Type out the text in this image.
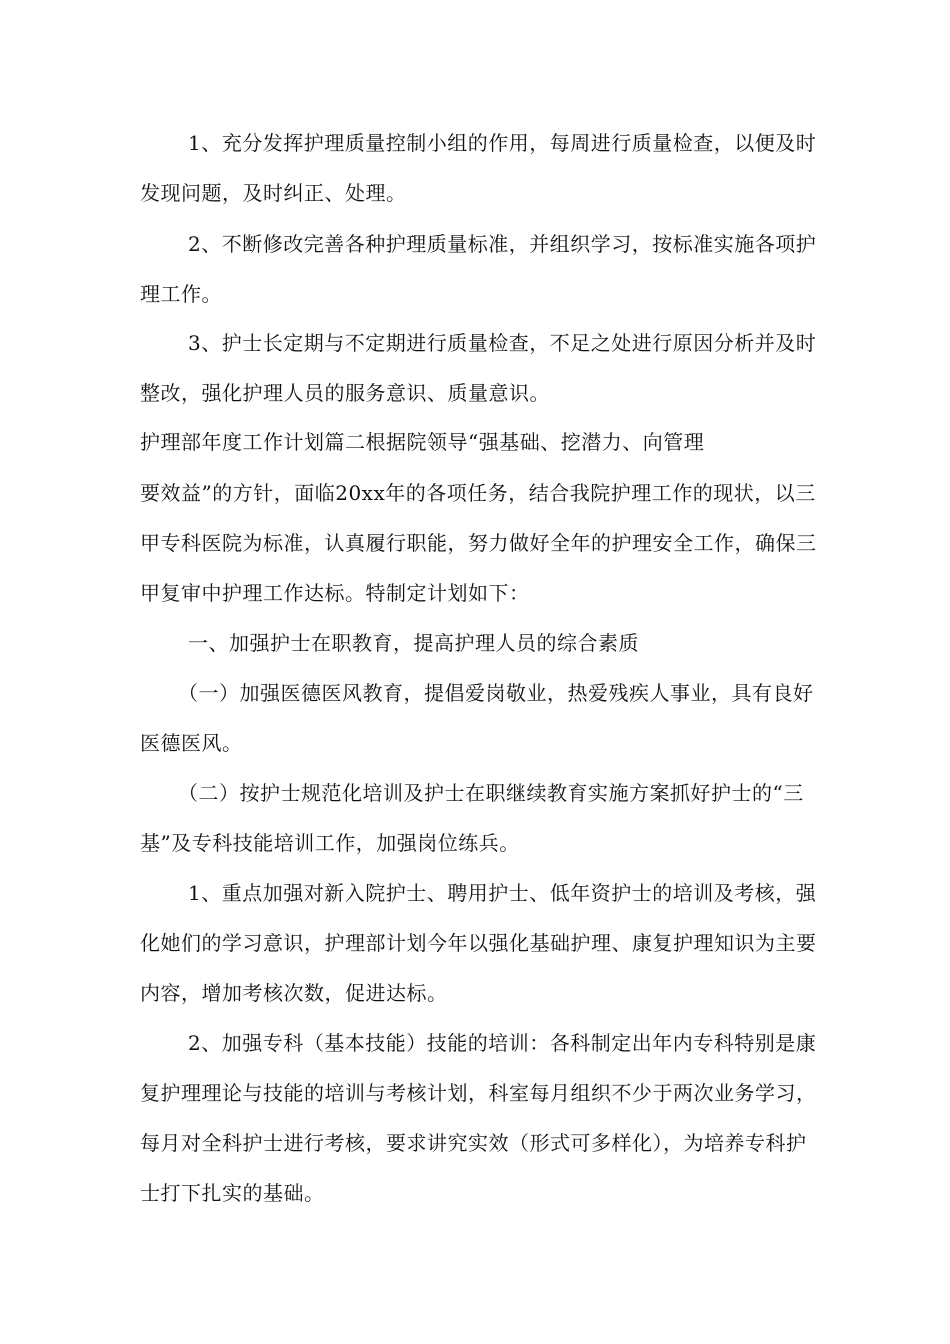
1、充分发挥护理质量控制小组的作用，每周进行质量检查，以便及时
发现问题，及时纠正、处理。
2、不断修改完善各种护理质量标准，并组织学习，按标准实施各项护
理工作。
3、护士长定期与不定期进行质量检查，不足之处进行原因分析并及时
整改，强化护理人员的服务意识、质量意识。
护理部年度工作计划篇二根据院领导“强基础、挖潜力、向管理
要效益”的方针，面临20xx年的各项任务，结合我院护理工作的现状，以三
甲专科医院为标准，认真履行职能，努力做好全年的护理安全工作，确保三
甲复审中护理工作达标。特制定计划如下：
一、加强护士在职教育，提高护理人员的综合素质
（一）加强医德医风教育，提倡爱岗敬业，热爱残疾人事业，具有良好
医德医风。
（二）按护士规范化培训及护士在职继续教育实施方案抓好护士的“三
基”及专科技能培训工作，加强岗位练兵。
1、重点加强对新入院护士、聘用护士、低年资护士的培训及考核，强
化她们的学习意识，护理部计划今年以强化基础护理、康复护理知识为主要
内容，增加考核次数，促进达标。
2、加强专科（基本技能）技能的培训：各科制定出年内专科特别是康
复护理理论与技能的培训与考核计划，科室每月组织不少于两次业务学习，
每月对全科护士进行考核，要求讲究实效（形式可多样化），为培养专科护
士打下扎实的基础。
